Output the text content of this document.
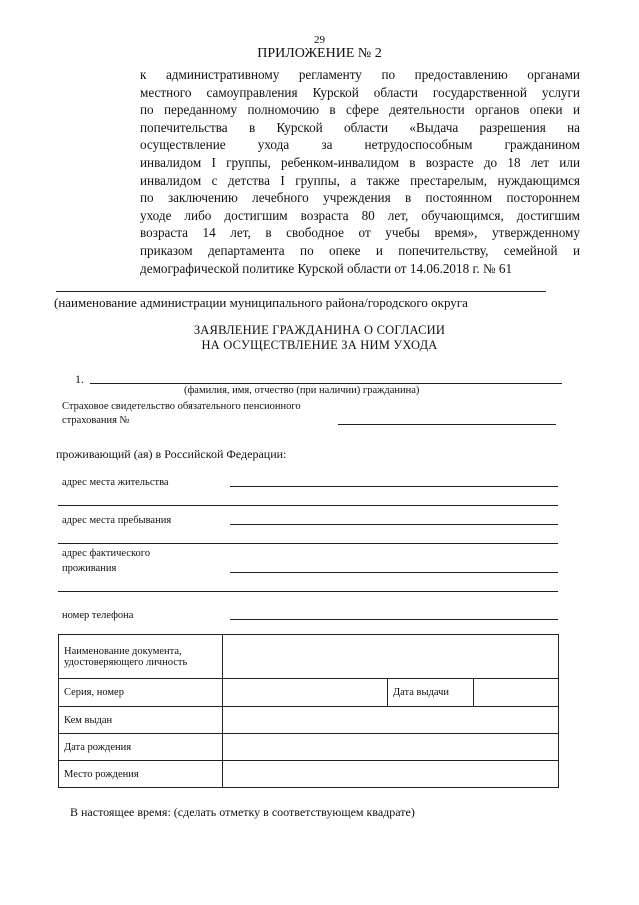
29
ПРИЛОЖЕНИЕ № 2
к административному регламенту по предоставлению органами
местного самоуправления Курской области государственной услуги
по переданному полномочию в сфере деятельности органов опеки и
попечительства в Курской области «Выдача разрешения на
осуществление ухода за нетрудоспособным гражданином
инвалидом I группы, ребенком-инвалидом в возрасте до 18 лет или
инвалидом с детства I группы, а также престарелым, нуждающимся
по заключению лечебного учреждения в постоянном постороннем
уходе либо достигшим возраста 80 лет, обучающимся, достигшим
возраста 14 лет, в свободное от учебы время», утвержденному
приказом департамента по опеке и попечительству, семейной и
демографической политике Курской области от 14.06.2018 г. № 61
(наименование администрации муниципального района/городского округа
ЗАЯВЛЕНИЕ ГРАЖДАНИНА О СОГЛАСИИ
НА ОСУЩЕСТВЛЕНИЕ ЗА НИМ УХОДА
1.
(фамилия, имя, отчество (при наличии) гражданина)
Страховое свидетельство обязательного пенсионного
страхования №
проживающий (ая) в Российской Федерации:
адрес места жительства
адрес места пребывания
адрес фактического
проживания
номер телефона
Наименование документа,
удостоверяющего личность			

Серия, номер		Дата выдачи	
Кем выдан			
Дата рождения			
Место рождения			
В настоящее время: (сделать отметку в соответствующем квадрате)
